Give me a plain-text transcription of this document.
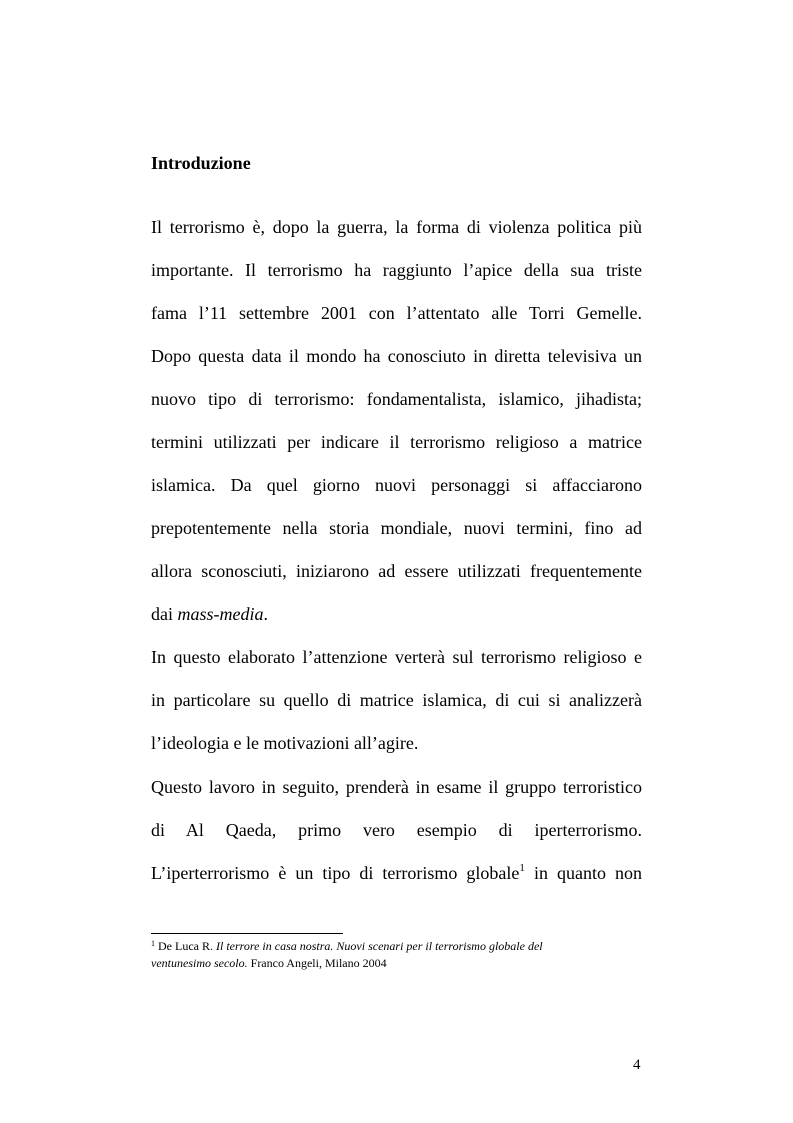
Introduzione
Il terrorismo è, dopo la guerra, la forma di violenza politica più
importante. Il terrorismo ha raggiunto l’apice della sua triste
fama l’11 settembre 2001 con l’attentato alle Torri Gemelle.
Dopo questa data il mondo ha conosciuto in diretta televisiva un
nuovo tipo di terrorismo: fondamentalista, islamico, jihadista;
termini utilizzati per indicare il terrorismo religioso a matrice
islamica. Da quel giorno nuovi personaggi si affacciarono
prepotentemente nella storia mondiale, nuovi termini, fino ad
allora sconosciuti, iniziarono ad essere utilizzati frequentemente
dai mass-media.
In questo elaborato l’attenzione verterà sul terrorismo religioso e
in particolare su quello di matrice islamica, di cui si analizzerà
l’ideologia e le motivazioni all’agire.
Questo lavoro in seguito, prenderà in esame il gruppo terroristico
di Al Qaeda, primo vero esempio di iperterrorismo.
L’iperterrorismo è un tipo di terrorismo globale$^1$ in quanto non
$^1$ De Luca R. Il terrore in casa nostra. Nuovi scenari per il terrorismo globale del
ventunesimo secolo. Franco Angeli, Milano 2004
4
